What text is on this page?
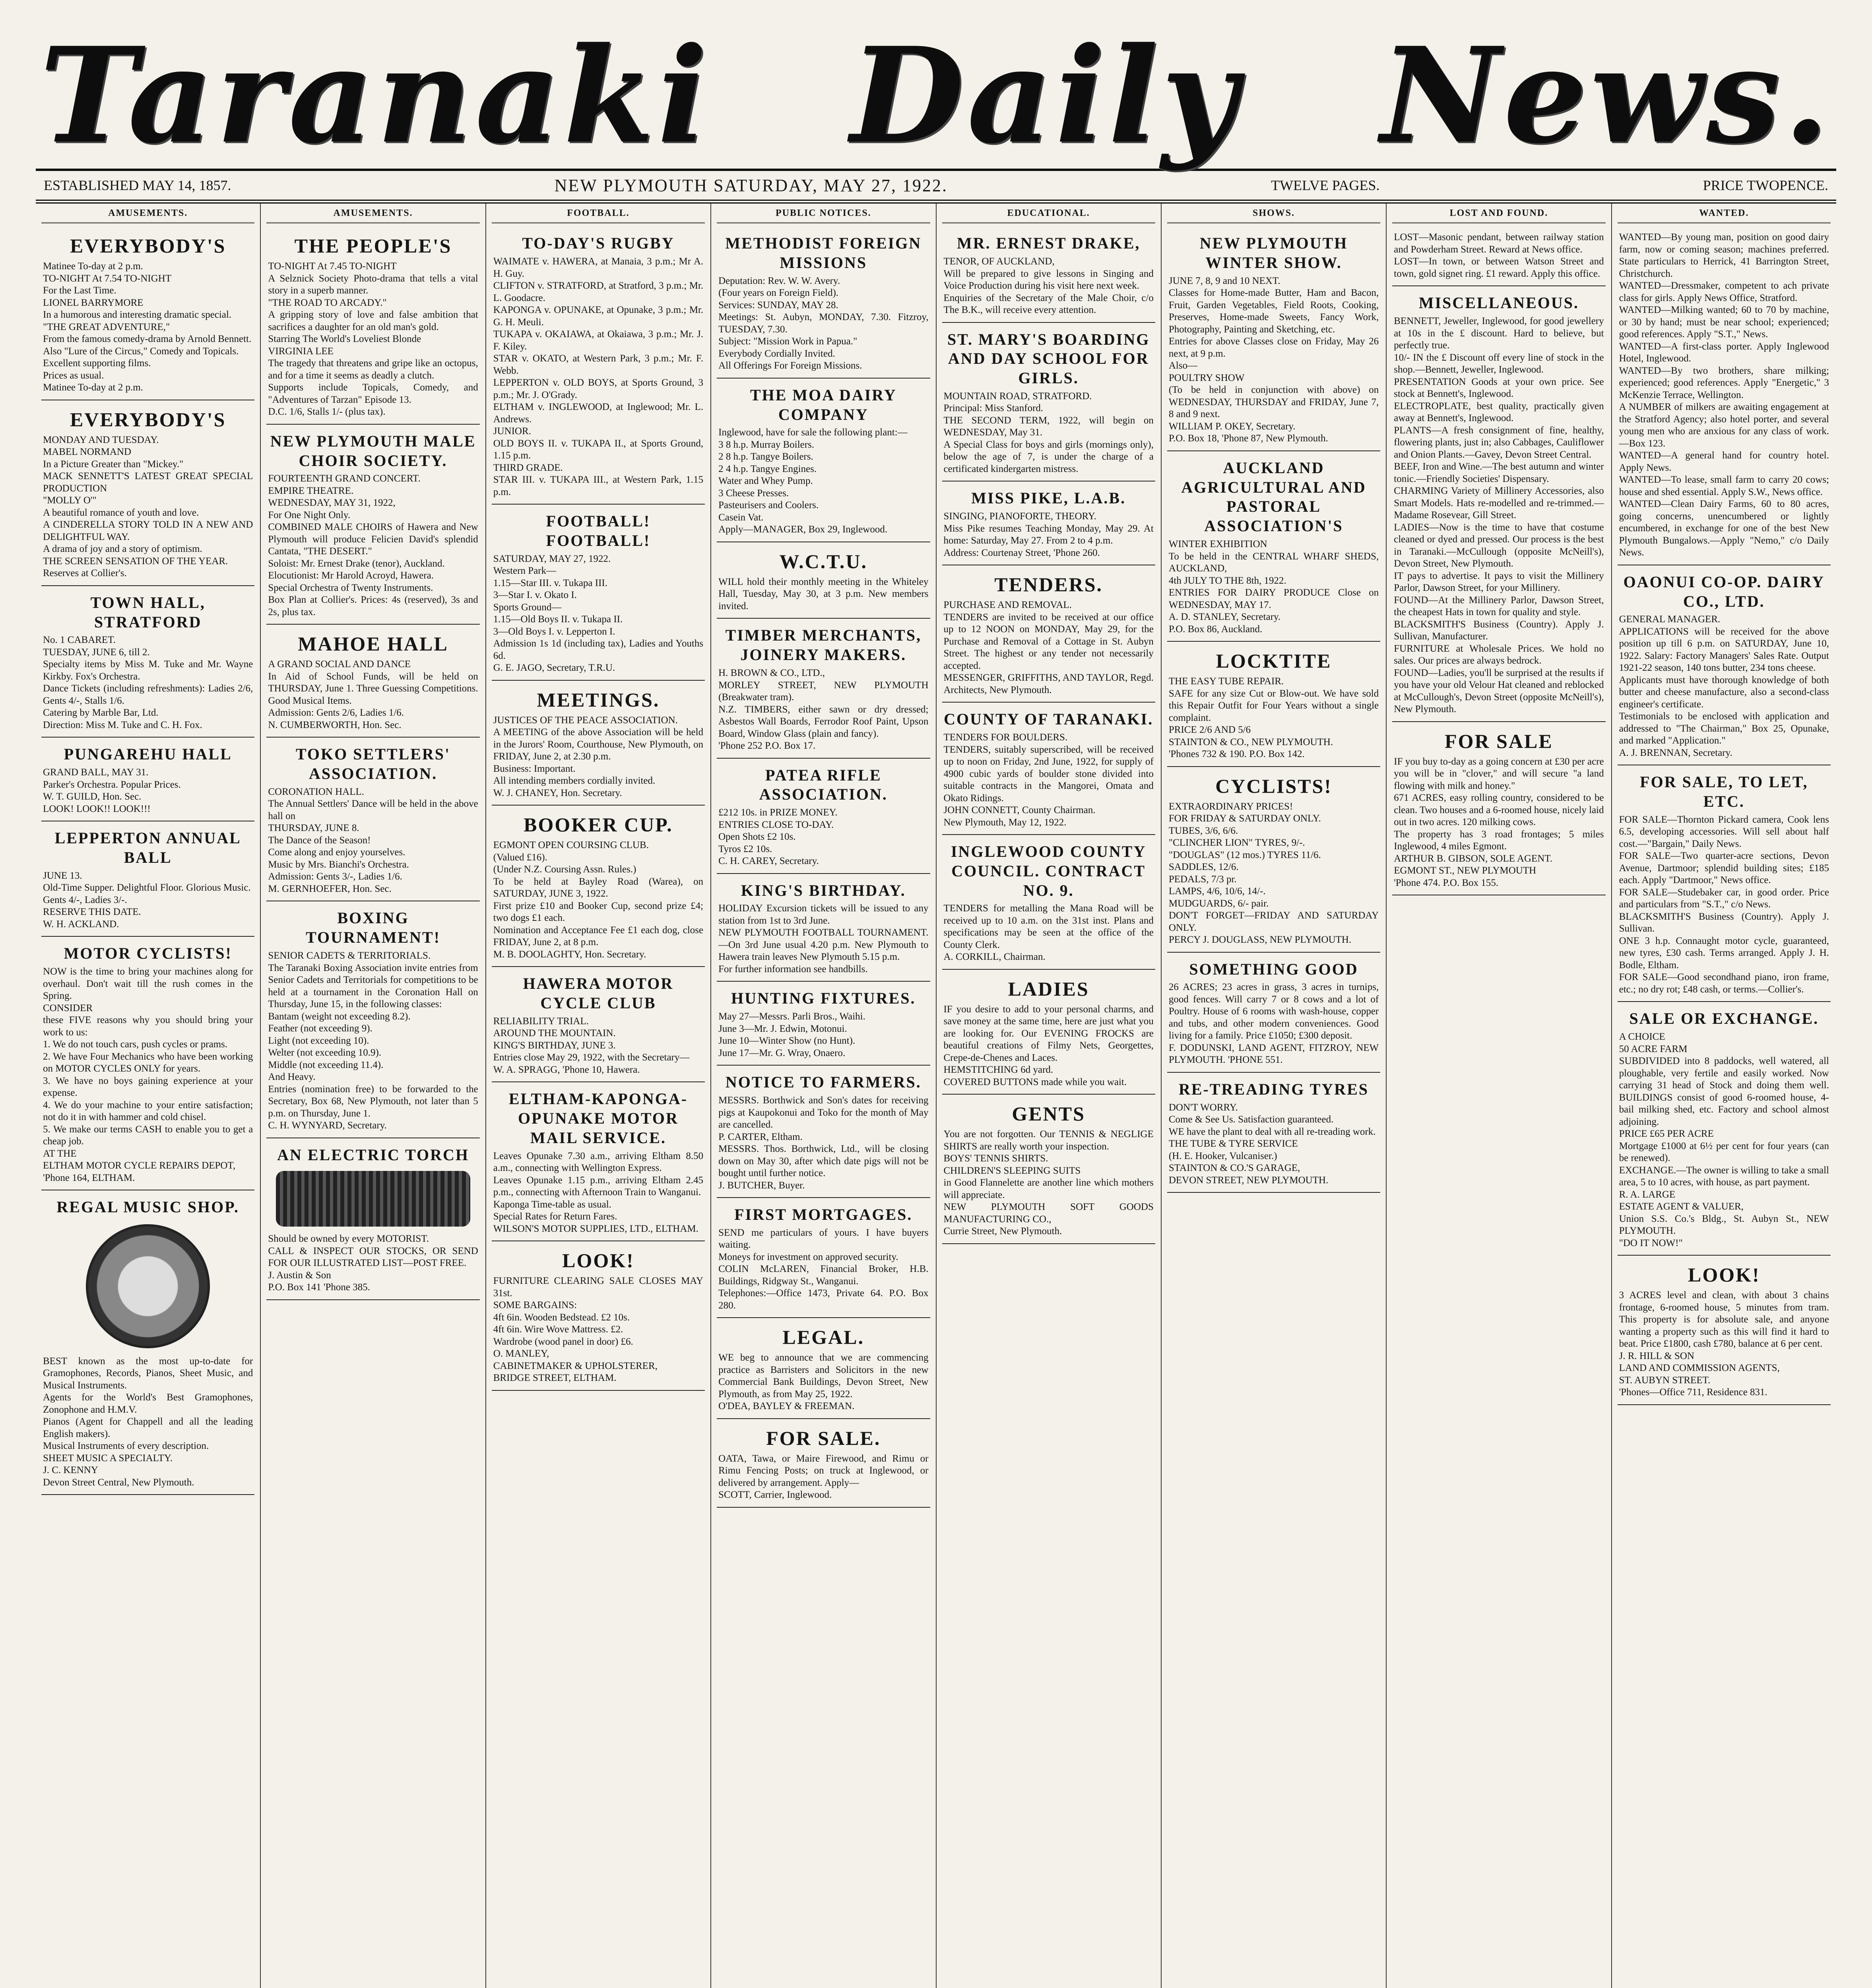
Taranaki Daily News.
ESTABLISHED MAY 14, 1857.	NEW PLYMOUTH SATURDAY, MAY 27, 1922.	TWELVE PAGES.	PRICE TWOPENCE.
AMUSEMENTS.
EVERYBODY'S
Matinee To-day at 2 p.m.
TO-NIGHT At 7.54 TO-NIGHT
For the Last Time.
LIONEL BARRYMORE
In a humorous and interesting dramatic special.
"THE GREAT ADVENTURE,"
From the famous comedy-drama by Arnold Bennett.
Also "Lure of the Circus," Comedy and Topicals.
Excellent supporting films.
Prices as usual.
Matinee To-day at 2 p.m.
EVERYBODY'S
MONDAY AND TUESDAY.
MABEL NORMAND
In a Picture Greater than "Mickey."
MACK SENNETT'S LATEST GREAT SPECIAL PRODUCTION
"MOLLY O'"
A beautiful romance of youth and love.
A CINDERELLA STORY TOLD IN A NEW AND DELIGHTFUL WAY.
A drama of joy and a story of optimism.
THE SCREEN SENSATION OF THE YEAR.
Reserves at Collier's.
TOWN HALL, STRATFORD
No. 1 CABARET.
TUESDAY, JUNE 6, till 2.
Specialty items by Miss M. Tuke and Mr. Wayne Kirkby. Fox's Orchestra.
Dance Tickets (including refreshments): Ladies 2/6, Gents 4/-, Stalls 1/6.
Catering by Marble Bar, Ltd.
Direction: Miss M. Tuke and C. H. Fox.
PUNGAREHU HALL
GRAND BALL, MAY 31.
Parker's Orchestra. Popular Prices.
W. T. GUILD, Hon. Sec.
LOOK! LOOK!! LOOK!!!
LEPPERTON ANNUAL BALL
JUNE 13.
Old-Time Supper. Delightful Floor. Glorious Music.
Gents 4/-, Ladies 3/-.
RESERVE THIS DATE.
W. H. ACKLAND.
MOTOR CYCLISTS!
NOW is the time to bring your machines along for overhaul. Don't wait till the rush comes in the Spring.
CONSIDER
these FIVE reasons why you should bring your work to us:
1. We do not touch cars, push cycles or prams.
2. We have Four Mechanics who have been working on MOTOR CYCLES ONLY for years.
3. We have no boys gaining experience at your expense.
4. We do your machine to your entire satisfaction; not do it in with hammer and cold chisel.
5. We make our terms CASH to enable you to get a cheap job.
AT THE
ELTHAM MOTOR CYCLE REPAIRS DEPOT,
'Phone 164, ELTHAM.
REGAL MUSIC SHOP.
BEST known as the most up-to-date for Gramophones, Records, Pianos, Sheet Music, and Musical Instruments.
Agents for the World's Best Gramophones, Zonophone and H.M.V.
Pianos (Agent for Chappell and all the leading English makers).
Musical Instruments of every description.
SHEET MUSIC A SPECIALTY.
J. C. KENNY
Devon Street Central, New Plymouth.
AMUSEMENTS.
THE PEOPLE'S
TO-NIGHT At 7.45 TO-NIGHT
A Selznick Society Photo-drama that tells a vital story in a superb manner.
"THE ROAD TO ARCADY."
A gripping story of love and false ambition that sacrifices a daughter for an old man's gold.
Starring The World's Loveliest Blonde
VIRGINIA LEE
The tragedy that threatens and gripe like an octopus, and for a time it seems as deadly a clutch.
Supports include Topicals, Comedy, and "Adventures of Tarzan" Episode 13.
D.C. 1/6, Stalls 1/- (plus tax).
NEW PLYMOUTH MALE CHOIR SOCIETY.
FOURTEENTH GRAND CONCERT.
EMPIRE THEATRE.
WEDNESDAY, MAY 31, 1922,
For One Night Only.
COMBINED MALE CHOIRS of Hawera and New Plymouth will produce Felicien David's splendid Cantata, "THE DESERT."
Soloist: Mr. Ernest Drake (tenor), Auckland.
Elocutionist: Mr Harold Acroyd, Hawera.
Special Orchestra of Twenty Instruments.
Box Plan at Collier's. Prices: 4s (reserved), 3s and 2s, plus tax.
MAHOE HALL
A GRAND SOCIAL AND DANCE
In Aid of School Funds, will be held on THURSDAY, June 1. Three Guessing Competitions. Good Musical Items.
Admission: Gents 2/6, Ladies 1/6.
N. CUMBERWORTH, Hon. Sec.
TOKO SETTLERS' ASSOCIATION.
CORONATION HALL.
The Annual Settlers' Dance will be held in the above hall on
THURSDAY, JUNE 8.
The Dance of the Season!
Come along and enjoy yourselves.
Music by Mrs. Bianchi's Orchestra.
Admission: Gents 3/-, Ladies 1/6.
M. GERNHOEFER, Hon. Sec.
BOXING TOURNAMENT!
SENIOR CADETS & TERRITORIALS.
The Taranaki Boxing Association invite entries from Senior Cadets and Territorials for competitions to be held at a tournament in the Coronation Hall on Thursday, June 15, in the following classes:
Bantam (weight not exceeding 8.2).
Feather (not exceeding 9).
Light (not exceeding 10).
Welter (not exceeding 10.9).
Middle (not exceeding 11.4).
And Heavy.
Entries (nomination free) to be forwarded to the Secretary, Box 68, New Plymouth, not later than 5 p.m. on Thursday, June 1.
C. H. WYNYARD, Secretary.
AN ELECTRIC TORCH
Should be owned by every MOTORIST.
CALL & INSPECT OUR STOCKS, OR SEND FOR OUR ILLUSTRATED LIST—POST FREE.
J. Austin & Son
P.O. Box 141 'Phone 385.
FOOTBALL.
TO-DAY'S RUGBY
WAIMATE v. HAWERA, at Manaia, 3 p.m.; Mr A. H. Guy.
CLIFTON v. STRATFORD, at Stratford, 3 p.m.; Mr. L. Goodacre.
KAPONGA v. OPUNAKE, at Opunake, 3 p.m.; Mr. G. H. Meuli.
TUKAPA v. OKAIAWA, at Okaiawa, 3 p.m.; Mr. J. F. Kiley.
STAR v. OKATO, at Western Park, 3 p.m.; Mr. F. Webb.
LEPPERTON v. OLD BOYS, at Sports Ground, 3 p.m.; Mr. J. O'Grady.
ELTHAM v. INGLEWOOD, at Inglewood; Mr. L. Andrews.
JUNIOR.
OLD BOYS II. v. TUKAPA II., at Sports Ground, 1.15 p.m.
THIRD GRADE.
STAR III. v. TUKAPA III., at Western Park, 1.15 p.m.
FOOTBALL! FOOTBALL!
SATURDAY, MAY 27, 1922.
Western Park—
1.15—Star III. v. Tukapa III.
3—Star I. v. Okato I.
Sports Ground—
1.15—Old Boys II. v. Tukapa II.
3—Old Boys I. v. Lepperton I.
Admission 1s 1d (including tax), Ladies and Youths 6d.
G. E. JAGO, Secretary, T.R.U.
MEETINGS.
JUSTICES OF THE PEACE ASSOCIATION.
A MEETING of the above Association will be held in the Jurors' Room, Courthouse, New Plymouth, on FRIDAY, June 2, at 2.30 p.m.
Business: Important.
All intending members cordially invited.
W. J. CHANEY, Hon. Secretary.
BOOKER CUP.
EGMONT OPEN COURSING CLUB.
(Valued £16).
(Under N.Z. Coursing Assn. Rules.)
To be held at Bayley Road (Warea), on SATURDAY, JUNE 3, 1922.
First prize £10 and Booker Cup, second prize £4; two dogs £1 each.
Nomination and Acceptance Fee £1 each dog, close FRIDAY, June 2, at 8 p.m.
M. B. DOOLAGHTY, Hon. Secretary.
HAWERA MOTOR CYCLE CLUB
RELIABILITY TRIAL.
AROUND THE MOUNTAIN.
KING'S BIRTHDAY, JUNE 3.
Entries close May 29, 1922, with the Secretary—
W. A. SPRAGG, 'Phone 10, Hawera.
ELTHAM-KAPONGA-OPUNAKE MOTOR MAIL SERVICE.
Leaves Opunake 7.30 a.m., arriving Eltham 8.50 a.m., connecting with Wellington Express.
Leaves Opunake 1.15 p.m., arriving Eltham 2.45 p.m., connecting with Afternoon Train to Wanganui.
Kaponga Time-table as usual.
Special Rates for Return Fares.
WILSON'S MOTOR SUPPLIES, LTD., ELTHAM.
LOOK!
FURNITURE CLEARING SALE CLOSES MAY 31st.
SOME BARGAINS:
4ft 6in. Wooden Bedstead. £2 10s.
4ft 6in. Wire Wove Mattress. £2.
Wardrobe (wood panel in door) £6.
O. MANLEY,
CABINETMAKER & UPHOLSTERER,
BRIDGE STREET, ELTHAM.
PUBLIC NOTICES.
METHODIST FOREIGN MISSIONS
Deputation: Rev. W. W. Avery.
(Four years on Foreign Field).
Services: SUNDAY, MAY 28.
Meetings: St. Aubyn, MONDAY, 7.30. Fitzroy, TUESDAY, 7.30.
Subject: "Mission Work in Papua."
Everybody Cordially Invited.
All Offerings For Foreign Missions.
THE MOA DAIRY COMPANY
Inglewood, have for sale the following plant:—
3 8 h.p. Murray Boilers.
2 8 h.p. Tangye Boilers.
2 4 h.p. Tangye Engines.
Water and Whey Pump.
3 Cheese Presses.
Pasteurisers and Coolers.
Casein Vat.
Apply—MANAGER, Box 29, Inglewood.
W.C.T.U.
WILL hold their monthly meeting in the Whiteley Hall, Tuesday, May 30, at 3 p.m. New members invited.
TIMBER MERCHANTS, JOINERY MAKERS.
H. BROWN & CO., LTD.,
MORLEY STREET, NEW PLYMOUTH (Breakwater tram).
N.Z. TIMBERS, either sawn or dry dressed; Asbestos Wall Boards, Ferrodor Roof Paint, Upson Board, Window Glass (plain and fancy).
'Phone 252 P.O. Box 17.
PATEA RIFLE ASSOCIATION.
£212 10s. in PRIZE MONEY.
ENTRIES CLOSE TO-DAY.
Open Shots £2 10s.
Tyros £2 10s.
C. H. CAREY, Secretary.
KING'S BIRTHDAY.
HOLIDAY Excursion tickets will be issued to any station from 1st to 3rd June.
NEW PLYMOUTH FOOTBALL TOURNAMENT.—On 3rd June usual 4.20 p.m. New Plymouth to Hawera train leaves New Plymouth 5.15 p.m.
For further information see handbills.
HUNTING FIXTURES.
May 27—Messrs. Parli Bros., Waihi.
June 3—Mr. J. Edwin, Motonui.
June 10—Winter Show (no Hunt).
June 17—Mr. G. Wray, Onaero.
NOTICE TO FARMERS.
MESSRS. Borthwick and Son's dates for receiving pigs at Kaupokonui and Toko for the month of May are cancelled.
P. CARTER, Eltham.
MESSRS. Thos. Borthwick, Ltd., will be closing down on May 30, after which date pigs will not be bought until further notice.
J. BUTCHER, Buyer.
FIRST MORTGAGES.
SEND me particulars of yours. I have buyers waiting.
Moneys for investment on approved security.
COLIN McLAREN, Financial Broker, H.B. Buildings, Ridgway St., Wanganui.
Telephones:—Office 1473, Private 64. P.O. Box 280.
LEGAL.
WE beg to announce that we are commencing practice as Barristers and Solicitors in the new Commercial Bank Buildings, Devon Street, New Plymouth, as from May 25, 1922.
O'DEA, BAYLEY & FREEMAN.
FOR SALE.
OATA, Tawa, or Maire Firewood, and Rimu or Rimu Fencing Posts; on truck at Inglewood, or delivered by arrangement. Apply—
SCOTT, Carrier, Inglewood.
EDUCATIONAL.
MR. ERNEST DRAKE,
TENOR, OF AUCKLAND,
Will be prepared to give lessons in Singing and Voice Production during his visit here next week.
Enquiries of the Secretary of the Male Choir, c/o The B.K., will receive every attention.
ST. MARY'S BOARDING AND DAY SCHOOL FOR GIRLS.
MOUNTAIN ROAD, STRATFORD.
Principal: Miss Stanford.
THE SECOND TERM, 1922, will begin on WEDNESDAY, May 31.
A Special Class for boys and girls (mornings only), below the age of 7, is under the charge of a certificated kindergarten mistress.
MISS PIKE, L.A.B.
SINGING, PIANOFORTE, THEORY.
Miss Pike resumes Teaching Monday, May 29. At home: Saturday, May 27. From 2 to 4 p.m.
Address: Courtenay Street, 'Phone 260.
TENDERS.
PURCHASE AND REMOVAL.
TENDERS are invited to be received at our office up to 12 NOON on MONDAY, May 29, for the Purchase and Removal of a Cottage in St. Aubyn Street. The highest or any tender not necessarily accepted.
MESSENGER, GRIFFITHS, AND TAYLOR, Regd. Architects, New Plymouth.
COUNTY OF TARANAKI.
TENDERS FOR BOULDERS.
TENDERS, suitably superscribed, will be received up to noon on Friday, 2nd June, 1922, for supply of 4900 cubic yards of boulder stone divided into suitable contracts in the Mangorei, Omata and Okato Ridings.
JOHN CONNETT, County Chairman.
New Plymouth, May 12, 1922.
INGLEWOOD COUNTY COUNCIL. CONTRACT NO. 9.
TENDERS for metalling the Mana Road will be received up to 10 a.m. on the 31st inst. Plans and specifications may be seen at the office of the County Clerk.
A. CORKILL, Chairman.
LADIES
IF you desire to add to your personal charms, and save money at the same time, here are just what you are looking for. Our EVENING FROCKS are beautiful creations of Filmy Nets, Georgettes, Crepe-de-Chenes and Laces.
HEMSTITCHING 6d yard.
COVERED BUTTONS made while you wait.
GENTS
You are not forgotten. Our TENNIS & NEGLIGE SHIRTS are really worth your inspection.
BOYS' TENNIS SHIRTS.
CHILDREN'S SLEEPING SUITS
in Good Flannelette are another line which mothers will appreciate.
NEW PLYMOUTH SOFT GOODS MANUFACTURING CO.,
Currie Street, New Plymouth.
SHOWS.
NEW PLYMOUTH WINTER SHOW.
JUNE 7, 8, 9 and 10 NEXT.
Classes for Home-made Butter, Ham and Bacon, Fruit, Garden Vegetables, Field Roots, Cooking, Preserves, Home-made Sweets, Fancy Work, Photography, Painting and Sketching, etc.
Entries for above Classes close on Friday, May 26 next, at 9 p.m.
Also—
POULTRY SHOW
(To be held in conjunction with above) on WEDNESDAY, THURSDAY and FRIDAY, June 7, 8 and 9 next.
WILLIAM P. OKEY, Secretary.
P.O. Box 18, 'Phone 87, New Plymouth.
AUCKLAND AGRICULTURAL AND PASTORAL ASSOCIATION'S
WINTER EXHIBITION
To be held in the CENTRAL WHARF SHEDS, AUCKLAND,
4th JULY TO THE 8th, 1922.
ENTRIES FOR DAIRY PRODUCE Close on WEDNESDAY, MAY 17.
A. D. STANLEY, Secretary.
P.O. Box 86, Auckland.
LOCKTITE
THE EASY TUBE REPAIR.
SAFE for any size Cut or Blow-out. We have sold this Repair Outfit for Four Years without a single complaint.
PRICE 2/6 AND 5/6
STAINTON & CO., NEW PLYMOUTH.
'Phones 732 & 190. P.O. Box 142.
CYCLISTS!
EXTRAORDINARY PRICES!
FOR FRIDAY & SATURDAY ONLY.
TUBES, 3/6, 6/6.
"CLINCHER LION" TYRES, 9/-.
"DOUGLAS" (12 mos.) TYRES 11/6.
SADDLES, 12/6.
PEDALS, 7/3 pr.
LAMPS, 4/6, 10/6, 14/-.
MUDGUARDS, 6/- pair.
DON'T FORGET—FRIDAY AND SATURDAY ONLY.
PERCY J. DOUGLASS, NEW PLYMOUTH.
SOMETHING GOOD
26 ACRES; 23 acres in grass, 3 acres in turnips, good fences. Will carry 7 or 8 cows and a lot of Poultry. House of 6 rooms with wash-house, copper and tubs, and other modern conveniences. Good living for a family. Price £1050; £300 deposit.
F. DODUNSKI, LAND AGENT, FITZROY, NEW PLYMOUTH. 'PHONE 551.
RE-TREADING TYRES
DON'T WORRY.
Come & See Us. Satisfaction guaranteed.
WE have the plant to deal with all re-treading work.
THE TUBE & TYRE SERVICE
(H. E. Hooker, Vulcaniser.)
STAINTON & CO.'S GARAGE,
DEVON STREET, NEW PLYMOUTH.
LOST AND FOUND.
LOST—Masonic pendant, between railway station and Powderham Street. Reward at News office.
LOST—In town, or between Watson Street and town, gold signet ring. £1 reward. Apply this office.
MISCELLANEOUS.
BENNETT, Jeweller, Inglewood, for good jewellery at 10s in the £ discount. Hard to believe, but perfectly true.
10/- IN the £ Discount off every line of stock in the shop.—Bennett, Jeweller, Inglewood.
PRESENTATION Goods at your own price. See stock at Bennett's, Inglewood.
ELECTROPLATE, best quality, practically given away at Bennett's, Inglewood.
PLANTS—A fresh consignment of fine, healthy, flowering plants, just in; also Cabbages, Cauliflower and Onion Plants.—Gavey, Devon Street Central.
BEEF, Iron and Wine.—The best autumn and winter tonic.—Friendly Societies' Dispensary.
CHARMING Variety of Millinery Accessories, also Smart Models. Hats re-modelled and re-trimmed.—Madame Rosevear, Gill Street.
LADIES—Now is the time to have that costume cleaned or dyed and pressed. Our process is the best in Taranaki.—McCullough (opposite McNeill's), Devon Street, New Plymouth.
IT pays to advertise. It pays to visit the Millinery Parlor, Dawson Street, for your Millinery.
FOUND—At the Millinery Parlor, Dawson Street, the cheapest Hats in town for quality and style.
BLACKSMITH'S Business (Country). Apply J. Sullivan, Manufacturer.
FURNITURE at Wholesale Prices. We hold no sales. Our prices are always bedrock.
FOUND—Ladies, you'll be surprised at the results if you have your old Velour Hat cleaned and reblocked at McCullough's, Devon Street (opposite McNeill's), New Plymouth.
FOR SALE
IF you buy to-day as a going concern at £30 per acre you will be in "clover," and will secure "a land flowing with milk and honey."
671 ACRES, easy rolling country, considered to be clean. Two houses and a 6-roomed house, nicely laid out in two acres. 120 milking cows.
The property has 3 road frontages; 5 miles Inglewood, 4 miles Egmont.
ARTHUR B. GIBSON, SOLE AGENT.
EGMONT ST., NEW PLYMOUTH
'Phone 474. P.O. Box 155.
WANTED.
WANTED—By young man, position on good dairy farm, now or coming season; machines preferred. State particulars to Herrick, 41 Barrington Street, Christchurch.
WANTED—Dressmaker, competent to ach private class for girls. Apply News Office, Stratford.
WANTED—Milking wanted; 60 to 70 by machine, or 30 by hand; must be near school; experienced; good references. Apply "S.T.," News.
WANTED—A first-class porter. Apply Inglewood Hotel, Inglewood.
WANTED—By two brothers, share milking; experienced; good references. Apply "Energetic," 3 McKenzie Terrace, Wellington.
A NUMBER of milkers are awaiting engagement at the Stratford Agency; also hotel porter, and several young men who are anxious for any class of work.—Box 123.
WANTED—A general hand for country hotel. Apply News.
WANTED—To lease, small farm to carry 20 cows; house and shed essential. Apply S.W., News office.
WANTED—Clean Dairy Farms, 60 to 80 acres, going concerns, unencumbered or lightly encumbered, in exchange for one of the best New Plymouth Bungalows.—Apply "Nemo," c/o Daily News.
OAONUI CO-OP. DAIRY CO., LTD.
GENERAL MANAGER.
APPLICATIONS will be received for the above position up till 6 p.m. on SATURDAY, June 10, 1922. Salary: Factory Managers' Sales Rate. Output 1921-22 season, 140 tons butter, 234 tons cheese.
Applicants must have thorough knowledge of both butter and cheese manufacture, also a second-class engineer's certificate.
Testimonials to be enclosed with application and addressed to "The Chairman," Box 25, Opunake, and marked "Application."
A. J. BRENNAN, Secretary.
FOR SALE, TO LET, ETC.
FOR SALE—Thornton Pickard camera, Cook lens 6.5, developing accessories. Will sell about half cost.—"Bargain," Daily News.
FOR SALE—Two quarter-acre sections, Devon Avenue, Dartmoor; splendid building sites; £185 each. Apply "Dartmoor," News office.
FOR SALE—Studebaker car, in good order. Price and particulars from "S.T.," c/o News.
BLACKSMITH'S Business (Country). Apply J. Sullivan.
ONE 3 h.p. Connaught motor cycle, guaranteed, new tyres, £30 cash. Terms arranged. Apply J. H. Bodle, Eltham.
FOR SALE—Good secondhand piano, iron frame, etc.; no dry rot; £48 cash, or terms.—Collier's.
SALE OR EXCHANGE.
A CHOICE
50 ACRE FARM
SUBDIVIDED into 8 paddocks, well watered, all ploughable, very fertile and easily worked. Now carrying 31 head of Stock and doing them well. BUILDINGS consist of good 6-roomed house, 4-bail milking shed, etc. Factory and school almost adjoining.
PRICE £65 PER ACRE
Mortgage £1000 at 6½ per cent for four years (can be renewed).
EXCHANGE.—The owner is willing to take a small area, 5 to 10 acres, with house, as part payment.
R. A. LARGE
ESTATE AGENT & VALUER,
Union S.S. Co.'s Bldg., St. Aubyn St., NEW PLYMOUTH.
"DO IT NOW!"
LOOK!
3 ACRES level and clean, with about 3 chains frontage, 6-roomed house, 5 minutes from tram. This property is for absolute sale, and anyone wanting a property such as this will find it hard to beat. Price £1800, cash £780, balance at 6 per cent.
J. R. HILL & SON
LAND AND COMMISSION AGENTS,
ST. AUBYN STREET.
'Phones—Office 711, Residence 831.
